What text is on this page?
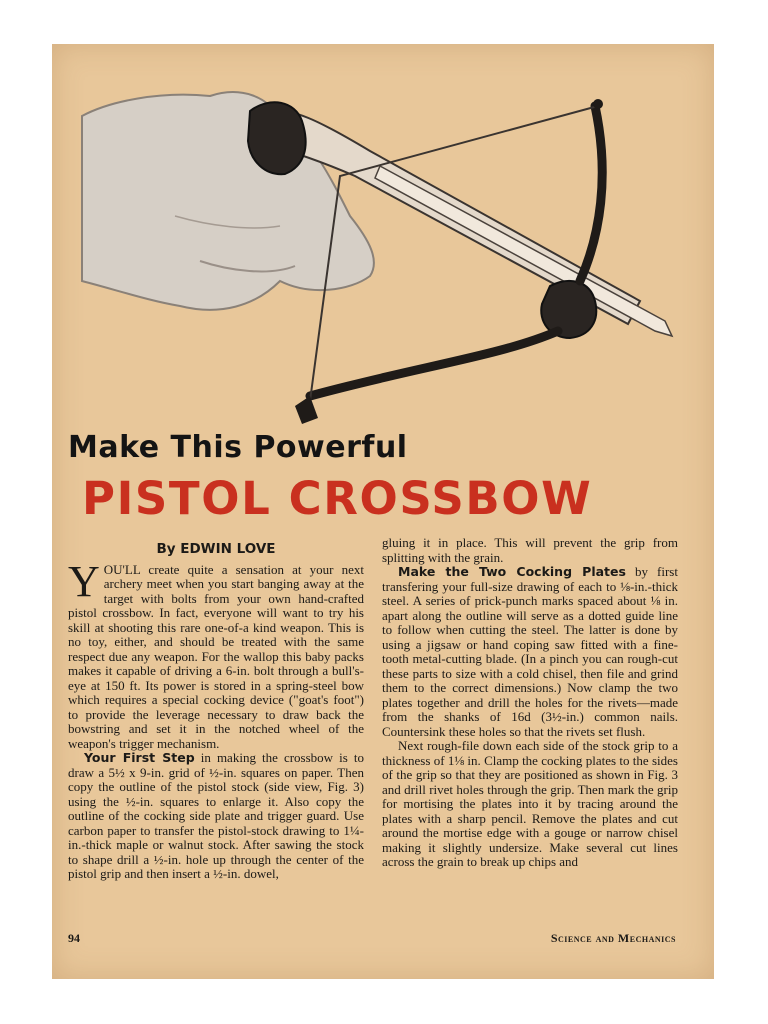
Make This Powerful
PISTOL CROSSBOW
By EDWIN LOVE

YOU'LL create quite a sensation at your next archery meet when you start banging away at the target with bolts from your own hand-crafted pistol crossbow. In fact, everyone will want to try his skill at shooting this rare one-of-a kind weapon. This is no toy, either, and should be treated with the same respect due any weapon. For the wallop this baby packs makes it capable of driving a 6-in. bolt through a bull's-eye at 150 ft. Its power is stored in a spring-steel bow which requires a special cocking device ("goat's foot") to provide the leverage necessary to draw back the bowstring and set it in the notched wheel of the weapon's trigger mechanism.

Your First Step in making the crossbow is to draw a 5½ x 9-in. grid of ½-in. squares on paper. Then copy the outline of the pistol stock (side view, Fig. 3) using the ½-in. squares to enlarge it. Also copy the outline of the cocking side plate and trigger guard. Use carbon paper to transfer the pistol-stock drawing to 1¼-in.-thick maple or walnut stock. After sawing the stock to shape drill a ½-in. hole up through the center of the pistol grip and then insert a ½-in. dowel,

gluing it in place. This will prevent the grip from splitting with the grain.

Make the Two Cocking Plates by first transfering your full-size drawing of each to ⅛-in.-thick steel. A series of prick-punch marks spaced about ⅛ in. apart along the outline will serve as a dotted guide line to follow when cutting the steel. The latter is done by using a jigsaw or hand coping saw fitted with a fine-tooth metal-cutting blade. (In a pinch you can rough-cut these parts to size with a cold chisel, then file and grind them to the correct dimensions.) Now clamp the two plates together and drill the holes for the rivets—made from the shanks of 16d (3½-in.) common nails. Countersink these holes so that the rivets set flush.

Next rough-file down each side of the stock grip to a thickness of 1⅛ in. Clamp the cocking plates to the sides of the grip so that they are positioned as shown in Fig. 3 and drill rivet holes through the grip. Then mark the grip for mortising the plates into it by tracing around the plates with a sharp pencil. Remove the plates and cut around the mortise edge with a gouge or narrow chisel making it slightly undersize. Make several cut lines across the grain to break up chips and

94	Science and Mechanics
